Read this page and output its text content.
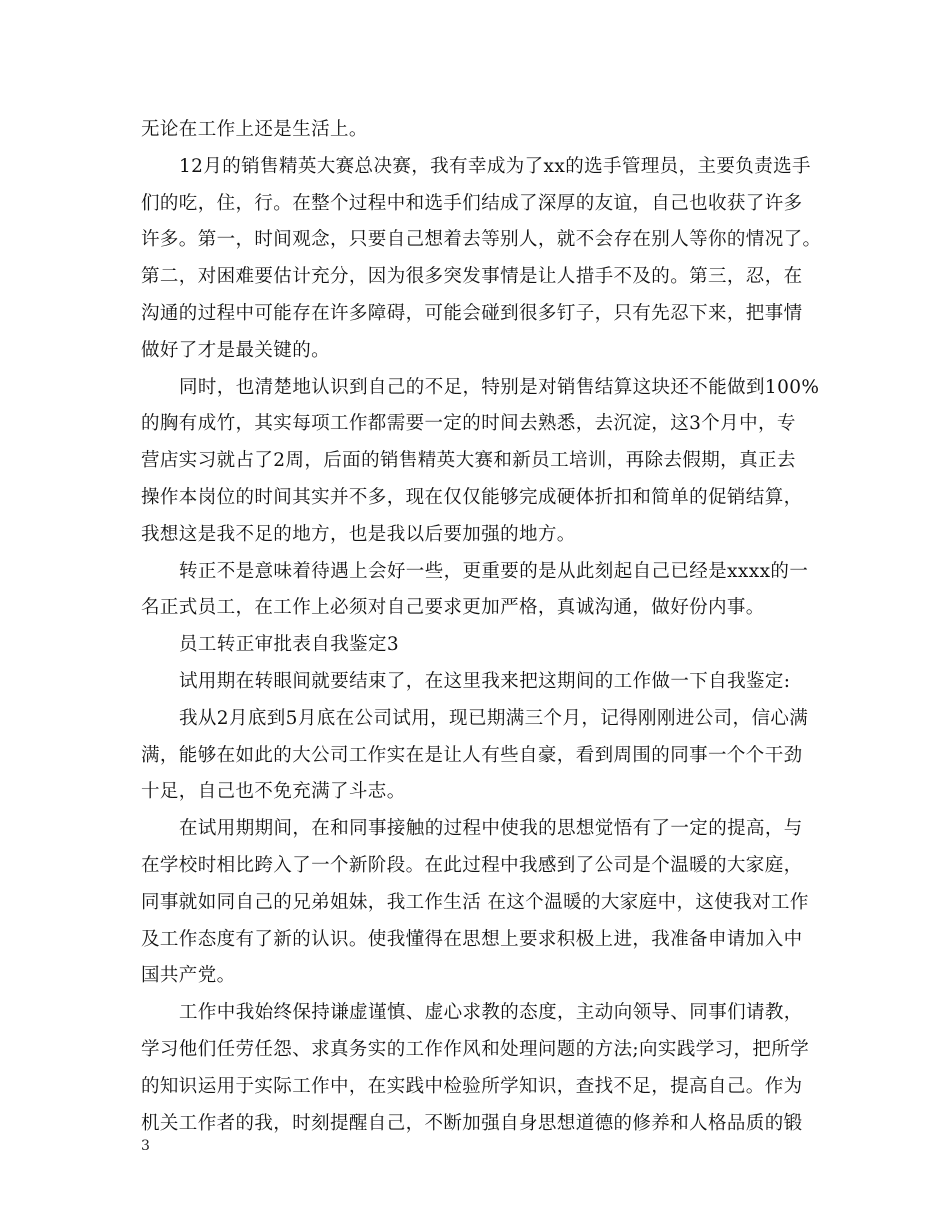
无论在工作上还是生活上。
12月的销售精英大赛总决赛，我有幸成为了xx的选手管理员，主要负责选手
们的吃，住，行。在整个过程中和选手们结成了深厚的友谊，自己也收获了许多
许多。第一，时间观念，只要自己想着去等别人，就不会存在别人等你的情况了。
第二，对困难要估计充分，因为很多突发事情是让人措手不及的。第三，忍，在
沟通的过程中可能存在许多障碍，可能会碰到很多钉子，只有先忍下来，把事情
做好了才是最关键的。
同时，也清楚地认识到自己的不足，特别是对销售结算这块还不能做到100%
的胸有成竹，其实每项工作都需要一定的时间去熟悉，去沉淀，这3个月中，专
营店实习就占了2周，后面的销售精英大赛和新员工培训，再除去假期，真正去
操作本岗位的时间其实并不多，现在仅仅能够完成硬体折扣和简单的促销结算，
我想这是我不足的地方，也是我以后要加强的地方。
转正不是意味着待遇上会好一些，更重要的是从此刻起自己已经是xxxx的一
名正式员工，在工作上必须对自己要求更加严格，真诚沟通，做好份内事。
员工转正审批表自我鉴定3
试用期在转眼间就要结束了，在这里我来把这期间的工作做一下自我鉴定:
我从2月底到5月底在公司试用，现已期满三个月，记得刚刚进公司，信心满
满，能够在如此的大公司工作实在是让人有些自豪，看到周围的同事一个个干劲
十足，自己也不免充满了斗志。
在试用期期间，在和同事接触的过程中使我的思想觉悟有了一定的提高，与
在学校时相比跨入了一个新阶段。在此过程中我感到了公司是个温暖的大家庭，
同事就如同自己的兄弟姐妹，我工作生活 在这个温暖的大家庭中，这使我对工作
及工作态度有了新的认识。使我懂得在思想上要求积极上进，我准备申请加入中
国共产党。
工作中我始终保持谦虚谨慎、虚心求教的态度，主动向领导、同事们请教，
学习他们任劳任怨、求真务实的工作作风和处理问题的方法;向实践学习，把所学
的知识运用于实际工作中，在实践中检验所学知识，查找不足，提高自己。作为
机关工作者的我，时刻提醒自己，不断加强自身思想道德的修养和人格品质的锻
3
